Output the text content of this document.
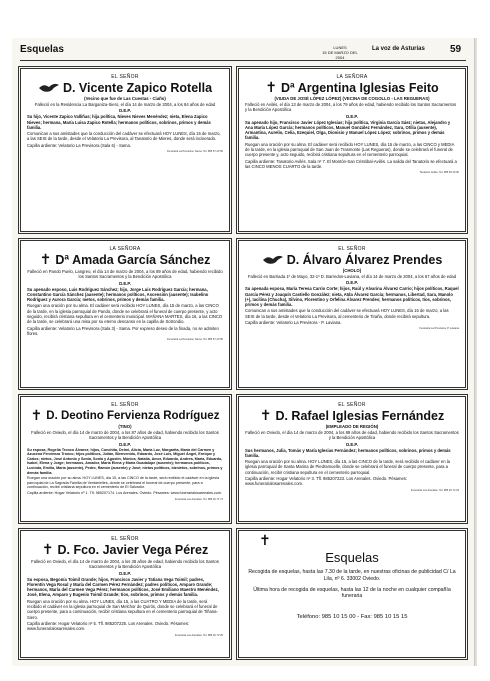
Esquelas	LUNES
15 DE MARZO DEL 2004
La voz de Asturias	59
EL SEÑOR
D. Vicente Zapico Rotella
(Vecino que fue de Las Cuestas - Ciaño)
Falleció en la Residencia La Barganiza-Siero, el día 14 de marzo de 2004, a los 84 años de edad
D.E.P.
Su hijo, Vicente Zapico Valliñas; hija política, Nieves Nieves Menéndez; nieta, Elena Zapico Nieves; hermana, María Luisa Zapico Rotella; hermanos políticos, sobrinos, primos y demás familia.
Comunican a sus amistades que la conducción del cadáver se efectuará HOY LUNES, día 15 de marzo, a las SEIS de la tarde, desde el Velatorio La Previsora, al Tanatorio de Mieres, donde será incinerado.
Capilla ardiente: Velatorio La Previsora (Sala 6) - Sama.
Funeraria La Previsora, Sama. Tel. 985 67 22 50
LA SEÑORA
✝ Dª Argentina Iglesias Feito
(VIUDA DE JOSÉ LÓPEZ LÓPEZ) (VECINA DE COGOLLO - LAS REGUERAS)
Falleció en Avilés, el día 13 de marzo de 2004, a los 79 años de edad, habiendo recibido los Santos Sacramentos y la Bendición Apostólica
D.E.P.
Su apenado hijo, Francisco Javier López Iglesias; hija política, Virginia García Sáez; nietas, Alejandro y Ana María López García; hermanos políticos, Manuel González Fernández, Sara, Otilia (ausente), Armantina, Aurelio, Celia, Ezequiel, Olga, Dionisio y Manuel López López; sobrinos, primos y demás familia.
Ruegan una oración por su alma. El cadáver será recibido HOY LUNES, día 15 de marzo, a las CINCO y MEDIA de la tarde, en la iglesia parroquial de San Juan de Trasmonte (Las Regueras), donde se celebrará el funeral de cuerpo presente y, acto seguido, recibirá cristiana sepultura en el cementerio parroquial.
Capilla ardiente: Tanatorio Avilés. Sala nº 7. El Montón-San Cristóbal-Avilés. La salida del Tanatorio se efectuará a las CINCO MENOS CUARTO de la tarde.
Tanatorio Avilés. Tel. 985 56 20 00
LA SEÑORA
✝ Dª Amada García Sánchez
Falleció en Pando Puelo, Langreo, el día 14 de marzo de 2004, a los 89 años de edad, habiendo recibido los Santos Sacramentos y la Bendición Apostólica
D.E.P.
Su apenado esposo, Luis Rodríguez Sánchez; hijo, Jorge Luis Rodríguez García; hermana, Constantino García Sánchez (ausente); hermanos políticos, Ascensión (ausente); Isabelino Rodríguez y Aurora García; nietos, sobrinos, primos y demás familia.
Ruegan una oración por su alma. El cadáver será recibido HOY LUNES, día 15 de marzo, a las CINCO de la tarde, en la iglesia parroquial de Pando, donde se celebrará el funeral de cuerpo presente, y acto seguido, recibirá cristiana sepultura en el cementerio municipal. MAÑANA MARTES, día 16, a las CINCO de la tarde, se celebrará una misa por su eterno descanso en la capilla de Sotrondio.
Capilla ardiente: Velatorio La Previsora (Sala 3) - Sama. Por expreso deseo de la finada, no se admiten flores.
Funeraria La Previsora, Sama. Tel. 985 67 22 50
EL SEÑOR
D. Álvaro Álvarez Prendes
(CHOLO)
Falleció en Barriada 1º de Mayo, 32-1º D. Barredos-Laviana, el día 14 de marzo de 2004, a los 67 años de edad
D.E.P.
Su apenada esposa, María Teresa Carrio Corte; hijos, Raúl y Alvarina Álvarez Carrio; hijos políticos, Raquel García Pérez y Joaquín Castiello González; nieta, Aïda Álvarez García; hermanos, Libertad, Sara, Manolo (+), Iacilina (Chucha), Silvino, Florentino y Orfelina Álvarez Prendes; hermanos políticos, tíos, sobrinos, primos y demás familia.
Comunican a sus amistades que la conducción del cadáver se efectuará HOY LUNES, día 15 de marzo, a las SEIS de la tarde, desde el Velatorio La Previsora, al cementerio de Tiraña, donde recibirá sepultura.
Capilla ardiente: Velatorio La Previsora - P. Laviana.
Funeraria La Previsora, P. Laviana
EL SEÑOR
✝ D. Deotino Fervienza Rodríguez
(TINO)
Falleció en Oviedo, el día 14 de marzo de 2004, a los 87 años de edad, habiendo recibido los Santos Sacramentos y la Bendición Apostólica
D.E.P.
Su esposa, Rogelia Tronco Álvarez; hijos, Conchita, Delmi, Alicia, María Luz, Margarita, María del Carmen y Azucena Fervienza Tronco; hijos políticos, Julián, Bienvenido, Eduardo, José Luis, Miguel Ángel, Enrique y Carlos; nietos, José Antonio y Sonia, Sonia y Agustín, Mónica, Natalia, Amor, Eduardo, Andrea, María, Eduardo, Isabel, Elena y Jorge; hermanos, Amador, María Elena y María Guadalupe (ausente); hermanos políticos, Lucinda, Emilia, María (ausente), Pedro, Ramón (ausente) y José; nietos políticos, biznietos, sobrinos, primos y demás familia.
Ruegan una oración por su alma. HOY LUNES, día 15, a las CINCO de la tarde, será recibido el cadáver en la iglesia parroquial de La Sagrada Familia de Ventanielles, donde se celebrará el funeral de cuerpo presente, para a continuación, recibir cristiana sepultura en el cementerio de El Salvador.
Capilla ardiente: Hogar Velatorio nº 1. Tfl. 985207174. Los Arenales. Oviedo. Pésames: www.funerarialosarenales.com.
Funeraria Los Arenales. Tel. 985 20 71 74
EL SEÑOR
✝ D. Rafael Iglesias Fernández
(EMPLEADO DE REGIÓN)
Falleció en Oviedo, el día 14 de marzo de 2004, a los 89 años de edad, habiendo recibido los Santos Sacramentos y la Bendición Apostólica
D.E.P.
Sus hermanos, Julia, Tomás y María Iglesias Fernández; hermanos políticos, sobrinos, primos y demás familia.
Ruegan una oración por su alma. HOY LUNES, día 15, a las CINCO de la tarde, será recibido el cadáver en la iglesia parroquial de Santa Marina de Piedramuelle, donde se celebrará el funeral de cuerpo presente, para a continuación, recibir cristiana sepultura en el cementerio parroquial.
Capilla ardiente: Hogar Velatorio nº 3. Tfl. 985207223. Los Arenales. Oviedo. Pésames: www.funerarialosarenales.com.
Funeraria Los Arenales. Tel. 985 20 72 23
EL SEÑOR
✝ D. Fco. Javier Vega Pérez
Falleció en Oviedo, el día 14 de marzo de 2004, a los 38 años de edad, habiendo recibido los Santos Sacramentos y la Bendición Apostólica
D.E.P.
Su esposa, Begonía Toimil Grande; hijos, Francisco Javier y Tatiana Vega Toimil; padres, Florentín Vega Rosal y María del Carmen Pérez Fernández; padres políticos, Amparo Grande; hermanos, María del Carmen Vega Pérez; hermanos políticos, José Emiliano Maestro Menéndez, José, Elena, Amparo y Eugenio Toimil Grande; tíos, sobrinos, primos y demás familia.
Ruegan una oración por su alma. HOY LUNES, día 15, a las CUATRO Y MEDIA de la tarde, será recibido el cadáver en la iglesia parroquial de San Melchor de Quirós, donde se celebrará el funeral de cuerpo presente, para a continuación, recibir cristiana sepultura en el cementerio parroquial de Tiñana-Siero.
Capilla ardiente: Hogar Velatorio nº 5. Tfl. 985207225. Los Arenales. Oviedo. Pésames: www.funerarialosarenales.com.
Funeraria Los Arenales. Tel. 985 20 72 25
✝
Esquelas
Recogida de esquelas, hasta las 7.30 de la tarde, en nuestras oficinas de publicidad C/ La Lila, nº 6. 33002 Oviedo.
Última hora de recogida de esquelas, hasta las 12 de la noche en cualquier compañía funeraria
Teléfono: 985 10 15 00 - Fax: 985 10 15 15
